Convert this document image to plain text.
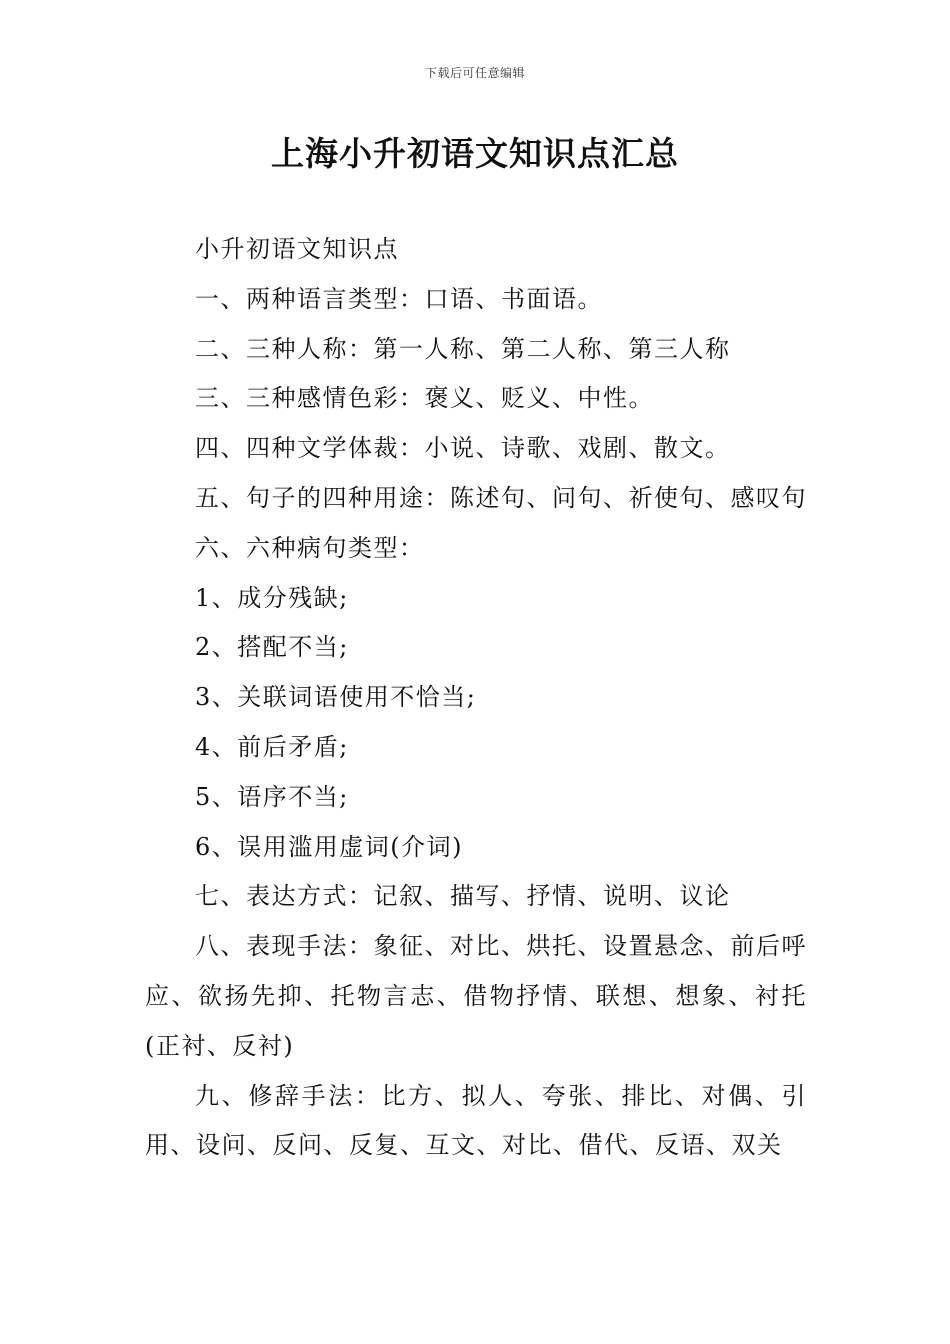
下载后可任意编辑
上海小升初语文知识点汇总

小升初语文知识点

一、两种语言类型：口语、书面语。

二、三种人称：第一人称、第二人称、第三人称

三、三种感情色彩：褒义、贬义、中性。

四、四种文学体裁：小说、诗歌、戏剧、散文。

五、句子的四种用途：陈述句、问句、祈使句、感叹句

六、六种病句类型：

1、成分残缺;

2、搭配不当;

3、关联词语使用不恰当;

4、前后矛盾;

5、语序不当;

6、误用滥用虚词(介词)

七、表达方式：记叙、描写、抒情、说明、议论

八、表现手法：象征、对比、烘托、设置悬念、前后呼应、欲扬先抑、托物言志、借物抒情、联想、想象、衬托(正衬、反衬)

九、修辞手法：比方、拟人、夸张、排比、对偶、引用、设问、反问、反复、互文、对比、借代、反语、双关
